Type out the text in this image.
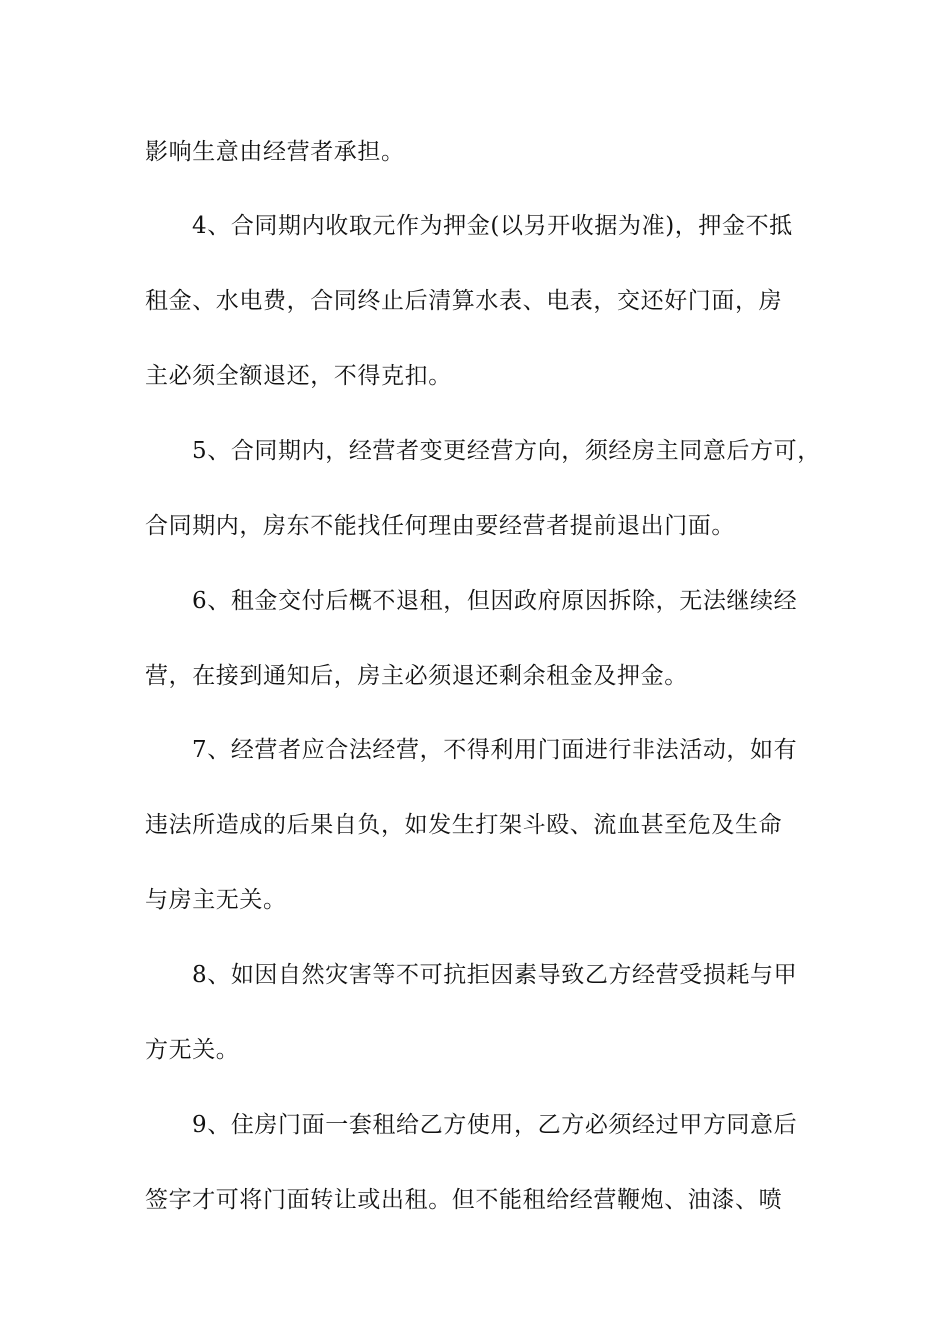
影响生意由经营者承担。

4、合同期内收取元作为押金(以另开收据为准)，押金不抵

租金、水电费，合同终止后清算水表、电表，交还好门面，房

主必须全额退还，不得克扣。

5、合同期内，经营者变更经营方向，须经房主同意后方可，

合同期内，房东不能找任何理由要经营者提前退出门面。

6、租金交付后概不退租，但因政府原因拆除，无法继续经

营，在接到通知后，房主必须退还剩余租金及押金。

7、经营者应合法经营，不得利用门面进行非法活动，如有

违法所造成的后果自负，如发生打架斗殴、流血甚至危及生命

与房主无关。

8、如因自然灾害等不可抗拒因素导致乙方经营受损耗与甲

方无关。

9、住房门面一套租给乙方使用，乙方必须经过甲方同意后

签字才可将门面转让或出租。但不能租给经营鞭炮、油漆、喷
